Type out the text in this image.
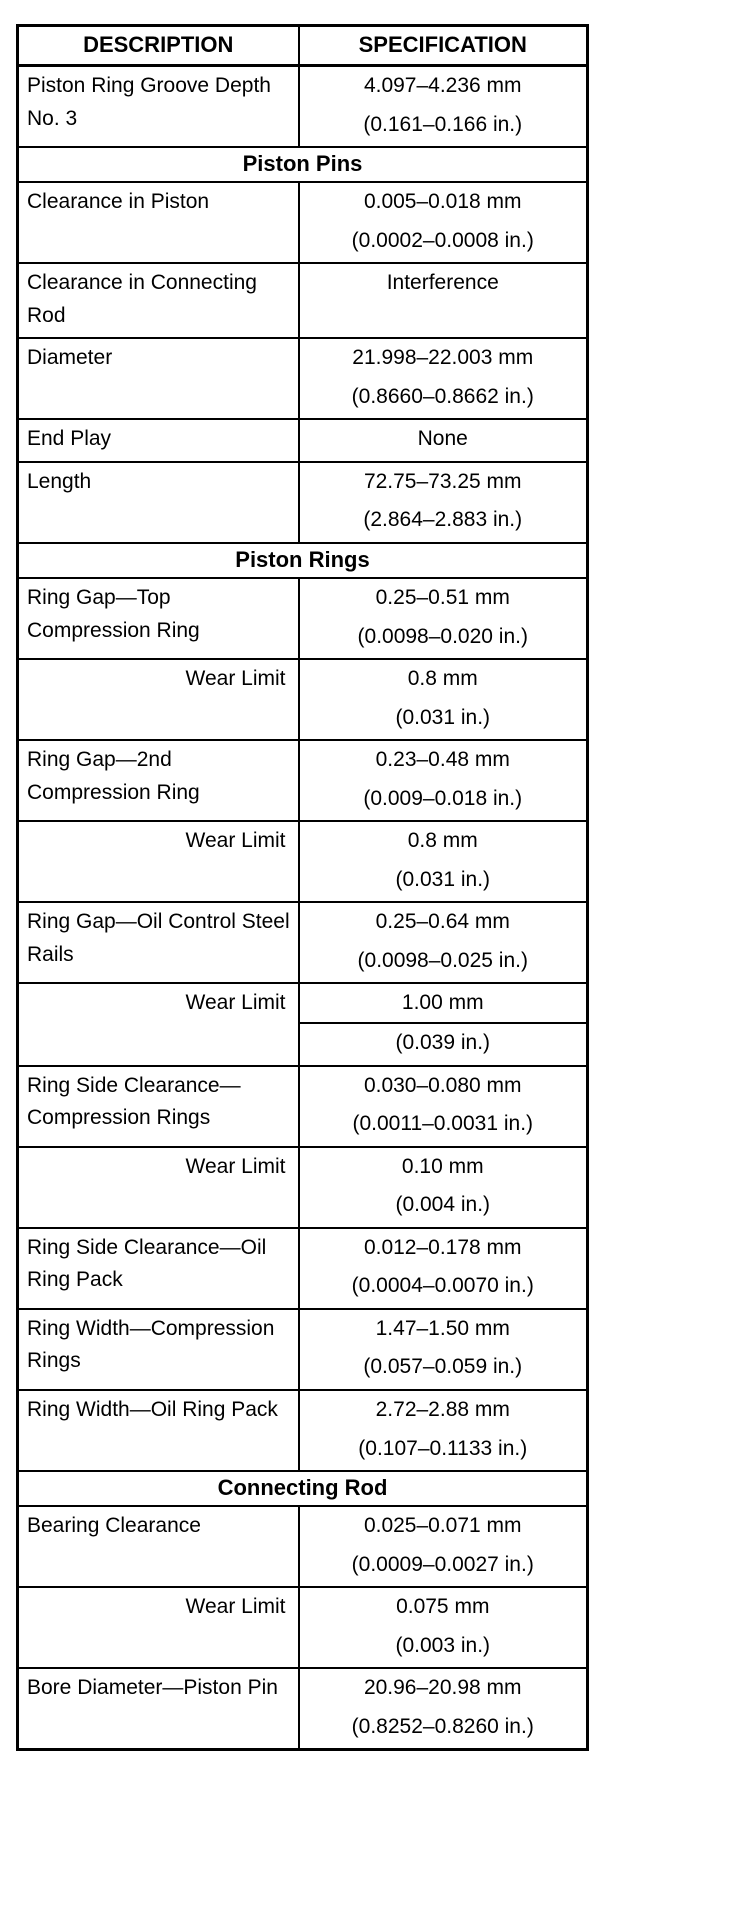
DESCRIPTION	SPECIFICATION
Piston Ring Groove Depth No. 3	4.097–4.236 mm
(0.161–0.166 in.)

Piston Pins	
Clearance in Piston	0.005–0.018 mm
(0.0002–0.0008 in.)

Clearance in Connecting Rod	Interference

Diameter	21.998–22.003 mm
(0.8660–0.8662 in.)

End Play	None

Length	72.75–73.25 mm
(2.864–2.883 in.)

Piston Rings	
Ring Gap—Top Compression Ring	0.25–0.51 mm
(0.0098–0.020 in.)

Wear Limit	0.8 mm
(0.031 in.)

Ring Gap—2nd Compression Ring	0.23–0.48 mm
(0.009–0.018 in.)

Wear Limit	0.8 mm
(0.031 in.)

Ring Gap—Oil Control Steel Rails	0.25–0.64 mm
(0.0098–0.025 in.)

Wear Limit	1.00 mm
(0.039 in.)

Ring Side Clearance—Compression Rings	0.030–0.080 mm
(0.0011–0.0031 in.)

Wear Limit	0.10 mm
(0.004 in.)

Ring Side Clearance—Oil Ring Pack	0.012–0.178 mm
(0.0004–0.0070 in.)

Ring Width—Compression Rings	1.47–1.50 mm
(0.057–0.059 in.)

Ring Width—Oil Ring Pack	2.72–2.88 mm
(0.107–0.1133 in.)

Connecting Rod	
Bearing Clearance	0.025–0.071 mm
(0.0009–0.0027 in.)

Wear Limit	0.075 mm
(0.003 in.)

Bore Diameter—Piston Pin	20.96–20.98 mm
(0.8252–0.8260 in.)
